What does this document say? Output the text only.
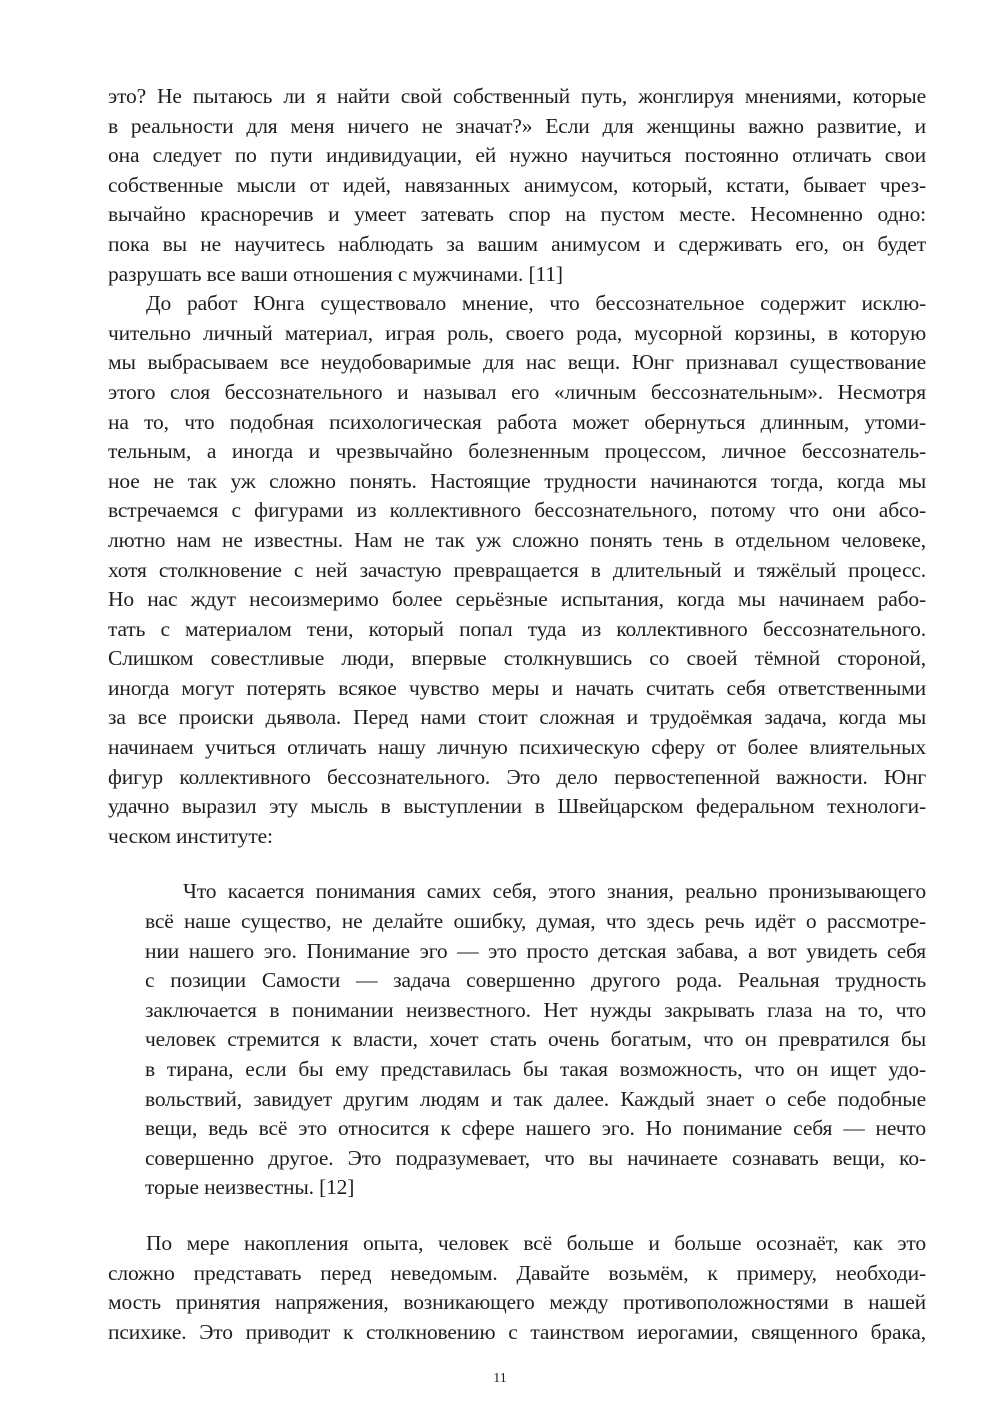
это? Не пытаюсь ли я найти свой собственный путь, жонглируя мнениями, которые
в реальности для меня ничего не значат?» Если для женщины важно развитие, и
она следует по пути индивидуации, ей нужно научиться постоянно отличать свои
собственные мысли от идей, навязанных анимусом, который, кстати, бывает чрез-
вычайно красноречив и умеет затевать спор на пустом месте. Несомненно одно:
пока вы не научитесь наблюдать за вашим анимусом и сдерживать его, он будет
разрушать все ваши отношения с мужчинами. [11]
До работ Юнга существовало мнение, что бессознательное содержит исклю-
чительно личный материал, играя роль, своего рода, мусорной корзины, в которую
мы выбрасываем все неудобоваримые для нас вещи. Юнг признавал существование
этого слоя бессознательного и называл его «личным бессознательным». Несмотря
на то, что подобная психологическая работа может обернуться длинным, утоми-
тельным, а иногда и чрезвычайно болезненным процессом, личное бессознатель-
ное не так уж сложно понять. Настоящие трудности начинаются тогда, когда мы
встречаемся с фигурами из коллективного бессознательного, потому что они абсо-
лютно нам не известны. Нам не так уж сложно понять тень в отдельном человеке,
хотя столкновение с ней зачастую превращается в длительный и тяжёлый процесс.
Но нас ждут несоизмеримо более серьёзные испытания, когда мы начинаем рабо-
тать с материалом тени, который попал туда из коллективного бессознательного.
Слишком совестливые люди, впервые столкнувшись со своей тёмной стороной,
иногда могут потерять всякое чувство меры и начать считать себя ответственными
за все происки дьявола. Перед нами стоит сложная и трудоёмкая задача, когда мы
начинаем учиться отличать нашу личную психическую сферу от более влиятельных
фигур коллективного бессознательного. Это дело первостепенной важности. Юнг
удачно выразил эту мысль в выступлении в Швейцарском федеральном технологи-
ческом институте:
Что касается понимания самих себя, этого знания, реально пронизывающего
всё наше существо, не делайте ошибку, думая, что здесь речь идёт о рассмотре-
нии нашего эго. Понимание эго — это просто детская забава, а вот увидеть себя
с позиции Самости — задача совершенно другого рода. Реальная трудность
заключается в понимании неизвестного. Нет нужды закрывать глаза на то, что
человек стремится к власти, хочет стать очень богатым, что он превратился бы
в тирана, если бы ему представилась бы такая возможность, что он ищет удо-
вольствий, завидует другим людям и так далее. Каждый знает о себе подобные
вещи, ведь всё это относится к сфере нашего эго. Но понимание себя — нечто
совершенно другое. Это подразумевает, что вы начинаете сознавать вещи, ко-
торые неизвестны. [12]
По мере накопления опыта, человек всё больше и больше осознаёт, как это
сложно представать перед неведомым. Давайте возьмём, к примеру, необходи-
мость принятия напряжения, возникающего между противоположностями в нашей
психике. Это приводит к столкновению с таинством иерогамии, священного брака,
11
